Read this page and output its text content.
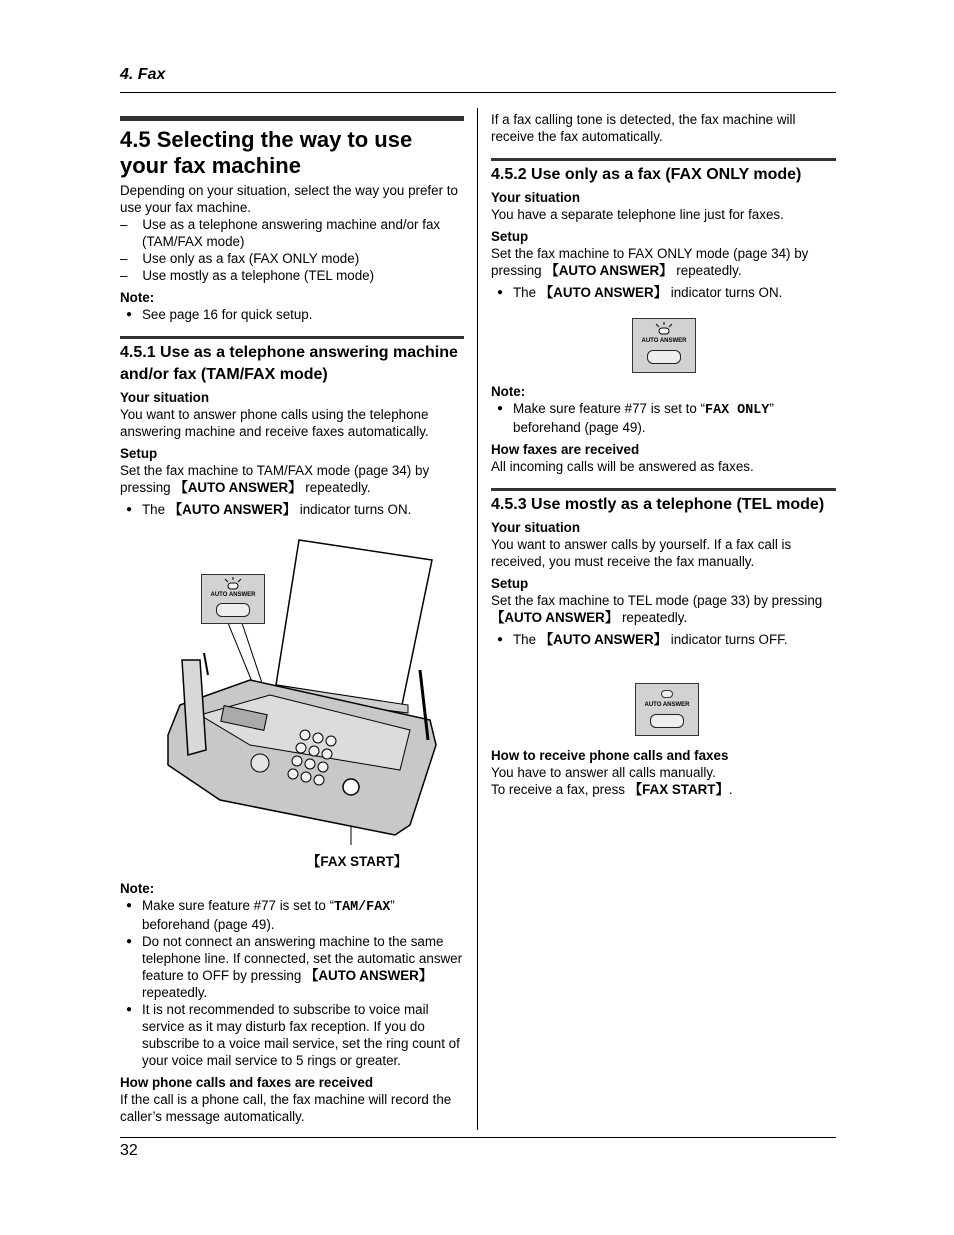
4. Fax
4.5 Selecting the way to use your fax machine

Depending on your situation, select the way you prefer to use your fax machine.

–    Use as a telephone answering machine and/or fax (TAM/FAX mode)

–    Use only as a fax (FAX ONLY mode)

–    Use mostly as a telephone (TEL mode)

Note:

● See page 16 for quick setup.

4.5.1 Use as a telephone answering machine and/or fax (TAM/FAX mode)

Your situation

You want to answer phone calls using the telephone answering machine and receive faxes automatically.

Setup

Set the fax machine to TAM/FAX mode (page 34) by pressing 【AUTO ANSWER】 repeatedly.

● The 【AUTO ANSWER】 indicator turns ON.

AUTO ANSWER
【FAX START】

Note:

● Make sure feature #77 is set to “TAM/FAX” beforehand (page 49).

● Do not connect an answering machine to the same telephone line. If connected, set the automatic answer feature to OFF by pressing 【AUTO ANSWER】 repeatedly.

● It is not recommended to subscribe to voice mail service as it may disturb fax reception. If you do subscribe to a voice mail service, set the ring count of your voice mail service to 5 rings or greater.

How phone calls and faxes are received

If the call is a phone call, the fax machine will record the caller’s message automatically.

If a fax calling tone is detected, the fax machine will receive the fax automatically.

4.5.2 Use only as a fax (FAX ONLY mode)

Your situation

You have a separate telephone line just for faxes.

Setup

Set the fax machine to FAX ONLY mode (page 34) by pressing 【AUTO ANSWER】 repeatedly.

● The 【AUTO ANSWER】 indicator turns ON.

AUTO ANSWER

Note:

● Make sure feature #77 is set to “FAX ONLY” beforehand (page 49).

How faxes are received

All incoming calls will be answered as faxes.

4.5.3 Use mostly as a telephone (TEL mode)

Your situation

You want to answer calls by yourself. If a fax call is received, you must receive the fax manually.

Setup

Set the fax machine to TEL mode (page 33) by pressing 【AUTO ANSWER】 repeatedly.

● The 【AUTO ANSWER】 indicator turns OFF.

AUTO ANSWER

How to receive phone calls and faxes

You have to answer all calls manually.

To receive a fax, press 【FAX START】.

32
